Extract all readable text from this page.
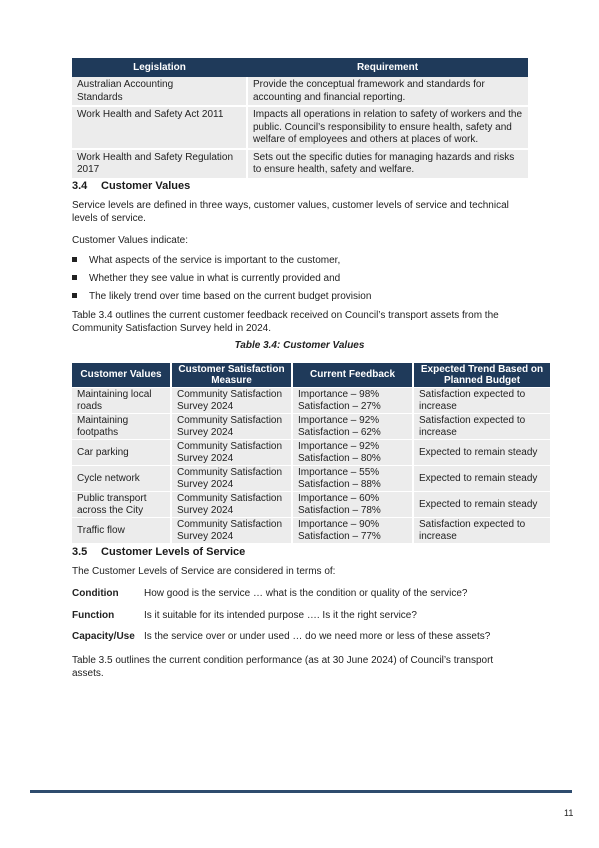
Legislation	Requirement
Australian Accounting Standards	Provide the conceptual framework and standards for accounting and financial reporting.
Work Health and Safety Act 2011	Impacts all operations in relation to safety of workers and the public. Council’s responsibility to ensure health, safety and welfare of employees and others at places of work.
Work Health and Safety Regulation 2017	Sets out the specific duties for managing hazards and risks to ensure health, safety and welfare.
3.4 Customer Values
Service levels are defined in three ways, customer values, customer levels of service and technical levels of service.
Customer Values indicate:
What aspects of the service is important to the customer,
Whether they see value in what is currently provided and
The likely trend over time based on the current budget provision
Table 3.4 outlines the current customer feedback received on Council’s transport assets from the Community Satisfaction Survey held in 2024.
Table 3.4: Customer Values
Customer Values	Customer Satisfaction Measure	Current Feedback	Expected Trend Based on Planned Budget
Maintaining local roads	Community Satisfaction Survey 2024	Importance – 98% Satisfaction – 27%	Satisfaction expected to increase
Maintaining footpaths	Community Satisfaction Survey 2024	Importance – 92% Satisfaction – 62%	Satisfaction expected to increase
Car parking	Community Satisfaction Survey 2024	Importance – 92% Satisfaction – 80%	Expected to remain steady
Cycle network	Community Satisfaction Survey 2024	Importance – 55% Satisfaction – 88%	Expected to remain steady
Public transport across the City	Community Satisfaction Survey 2024	Importance – 60% Satisfaction – 78%	Expected to remain steady
Traffic flow	Community Satisfaction Survey 2024	Importance – 90% Satisfaction – 77%	Satisfaction expected to increase
3.5 Customer Levels of Service
The Customer Levels of Service are considered in terms of:
Condition	How good is the service … what is the condition or quality of the service?
Function	Is it suitable for its intended purpose …. Is it the right service?
Capacity/Use Is the service over or under used … do we need more or less of these assets?
Table 3.5 outlines the current condition performance (as at 30 June 2024) of Council’s transport assets.
11
